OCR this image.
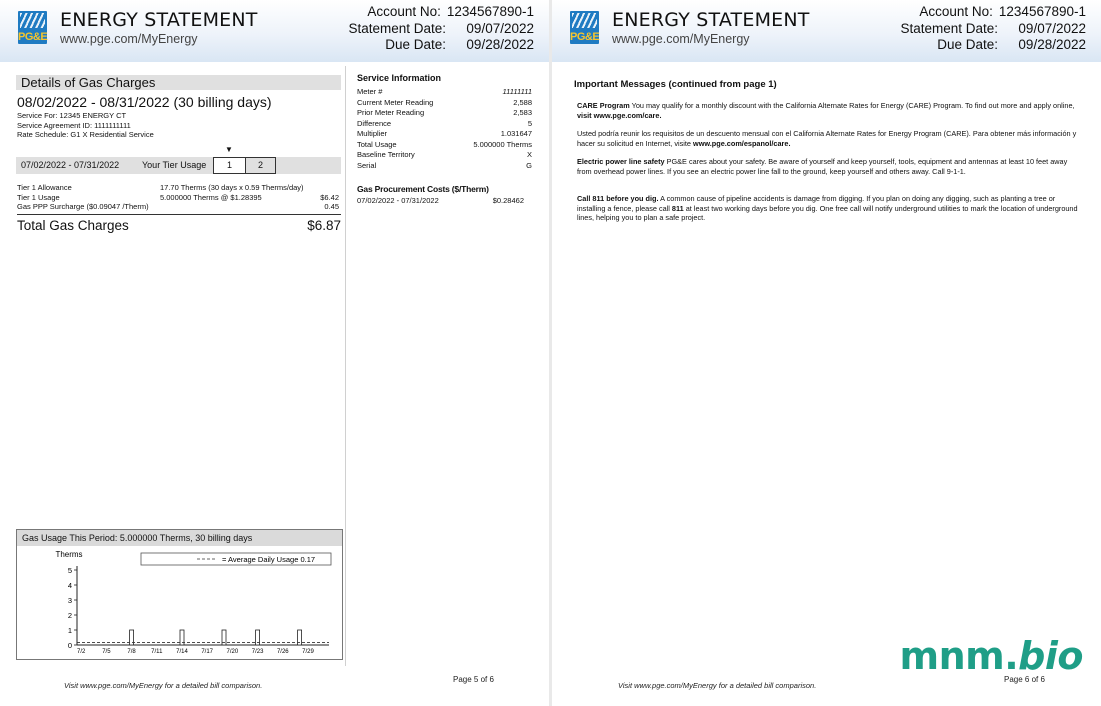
PG&E
ENERGY STATEMENT
www.pge.com/MyEnergy
Account No: 1234567890-1
Statement Date:	09/07/2022
Due Date:	09/28/2022
Details of Gas Charges
08/02/2022 - 08/31/2022 (30 billing days)
Service For: 12345 ENERGY CT
Service Agreement ID: 1111111111
Rate Schedule: G1 X Residential Service
▼
07/02/2022 - 07/31/2022	Your Tier Usage	1	2
Tier 1 Allowance	17.70 Therms (30 days x 0.59 Therms/day)
Tier 1 Usage	5.000000 Therms @ $1.28395	$6.42
Gas PPP Surcharge ($0.09047 /Therm)	0.45
Total Gas Charges	$6.87
Service Information
Meter #	11111111
Current Meter Reading	2,588
Prior Meter Reading	2,583
Difference	5
Multiplier	1.031647
Total Usage	5.000000 Therms
Baseline Territory	X
Serial	G
Gas Procurement Costs ($/Therm)
07/02/2022 - 07/31/2022	$0.28462
Gas Usage This Period: 5.000000 Therms, 30 billing days
Therms
0
1
2
3
4
5
7/2	7/5	7/8	7/11 7/14 7/17 7/20 7/23 7/26 7/29
= Average Daily Usage 0.17
Visit www.pge.com/MyEnergy for a detailed bill comparison.
Page 5 of 6
PG&E
ENERGY STATEMENT
www.pge.com/MyEnergy
Account No: 1234567890-1
Statement Date:	09/07/2022
Due Date:	09/28/2022
Important Messages (continued from page 1)
CARE Program You may qualify for a monthly discount with the California Alternate Rates for Energy (CARE) Program. To find out more and apply online, visit www.pge.com/care.
Usted podría reunir los requisitos de un descuento mensual con el California Alternate Rates for Energy Program (CARE). Para obtener más información y hacer su solicitud en Internet, visite www.pge.com/espanol/care.
Electric power line safety PG&E cares about your safety. Be aware of yourself and keep yourself, tools, equipment and antennas at least 10 feet away from overhead power lines. If you see an electric power line fall to the ground, keep yourself and others away. Call 9-1-1.
Call 811 before you dig. A common cause of pipeline accidents is damage from digging. If you plan on doing any digging, such as planting a tree or installing a fence, please call 811 at least two working days before you dig. One free call will notify underground utilities to mark the location of underground lines, helping you to plan a safe project.
Visit www.pge.com/MyEnergy for a detailed bill comparison.
Page 6 of 6
mnm.bio
